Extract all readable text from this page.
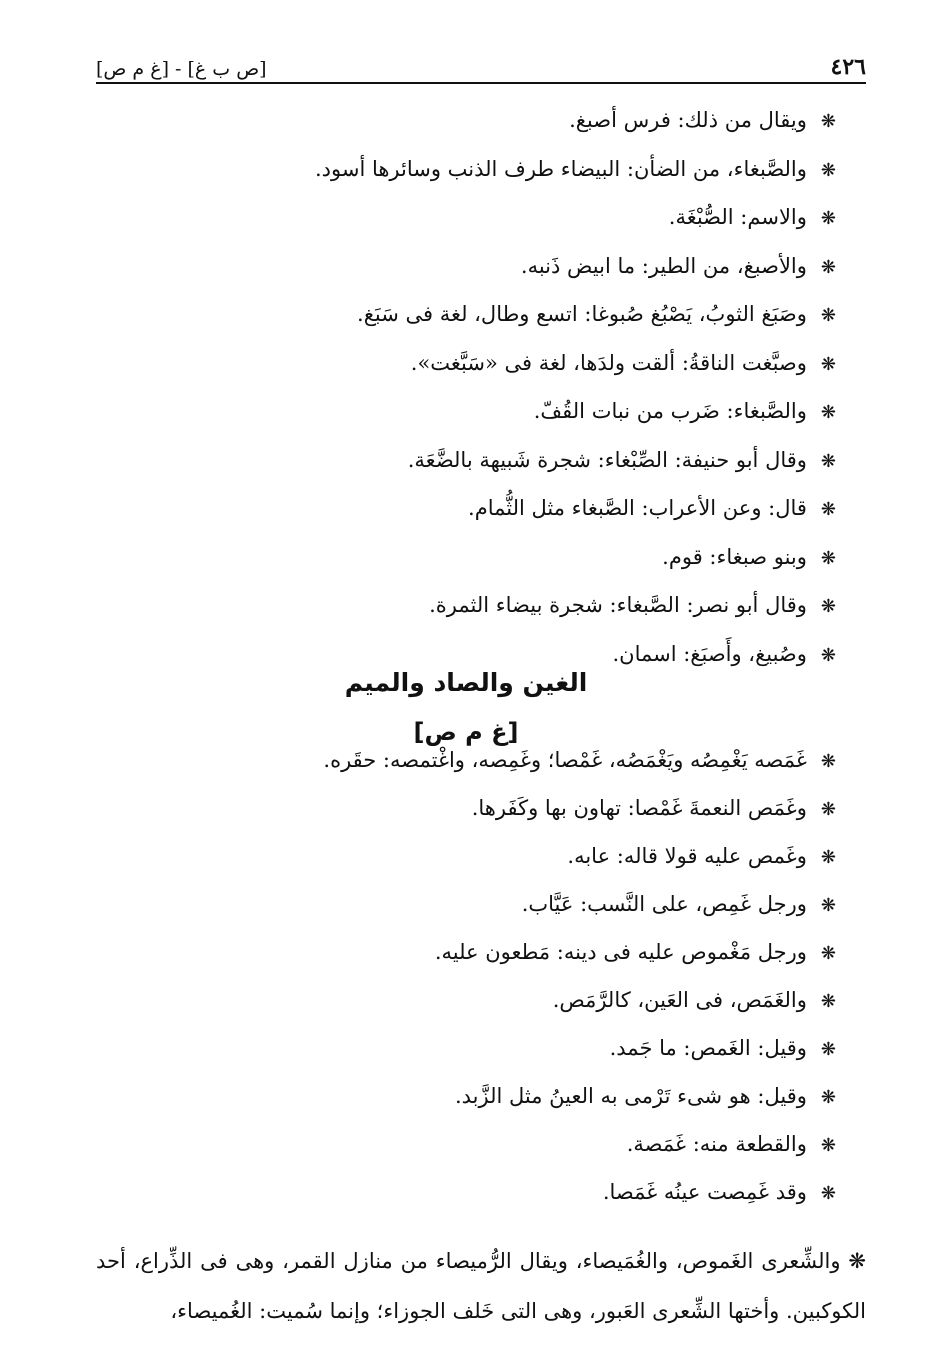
[ص ب غ] - [غ م ص]	٤٢٦
❋ويقال من ذلك: فرس أصبغ.
❋والصَّبغاء، من الضأن: البيضاء طرف الذنب وسائرها أسود.
❋والاسم: الصُّبْغَة.
❋والأصبغ، من الطير: ما ابيض ذَنبه.
❋وصَبَغ الثوبُ، يَصْبُغ صُبوغا: اتسع وطال، لغة فى سَبَغ.
❋وصبَّغت الناقةُ: ألقت ولدَها، لغة فى «سَبَّغت».
❋والصَّبغاء: ضَرب من نبات القُفّ.
❋وقال أبو حنيفة: الصِّبْغاء: شجرة شَبيهة بالضَّعَة.
❋قال: وعن الأعراب: الصَّبغاء مثل الثُّمام.
❋وبنو صبغاء: قوم.
❋وقال أبو نصر: الصَّبغاء: شجرة بيضاء الثمرة.
❋وصُبيغ، وأَصبَغ: اسمان.
الغين والصاد والميم
[غ م ص]
❋غَمَصه يَغْمِصُه ويَغْمَصُه، غَمْصا؛ وغَمِصه، واغْتمصه: حقَره.
❋وغَمَص النعمةَ غَمْصا: تهاون بها وكَفَرها.
❋وغَمص عليه قولا قاله: عابه.
❋ورجل غَمِص، على النَّسب: عَيَّاب.
❋ورجل مَغْموص عليه فى دينه: مَطعون عليه.
❋والغَمَص، فى العَين، كالرَّمَص.
❋وقيل: الغَمص: ما جَمد.
❋وقيل: هو شىء تَرْمى به العينُ مثل الزَّبد.
❋والقطعة منه: غَمَصة.
❋وقد غَمِصت عينُه غَمَصا.
❋ والشِّعرى الغَموص، والغُمَيصاء، ويقال الرُّميصاء من منازل القمر، وهى فى الذِّراع، أحد الكوكبين. وأختها الشِّعرى العَبور، وهى التى خَلف الجوزاء؛ وإنما سُميت: الغُميصاء،
